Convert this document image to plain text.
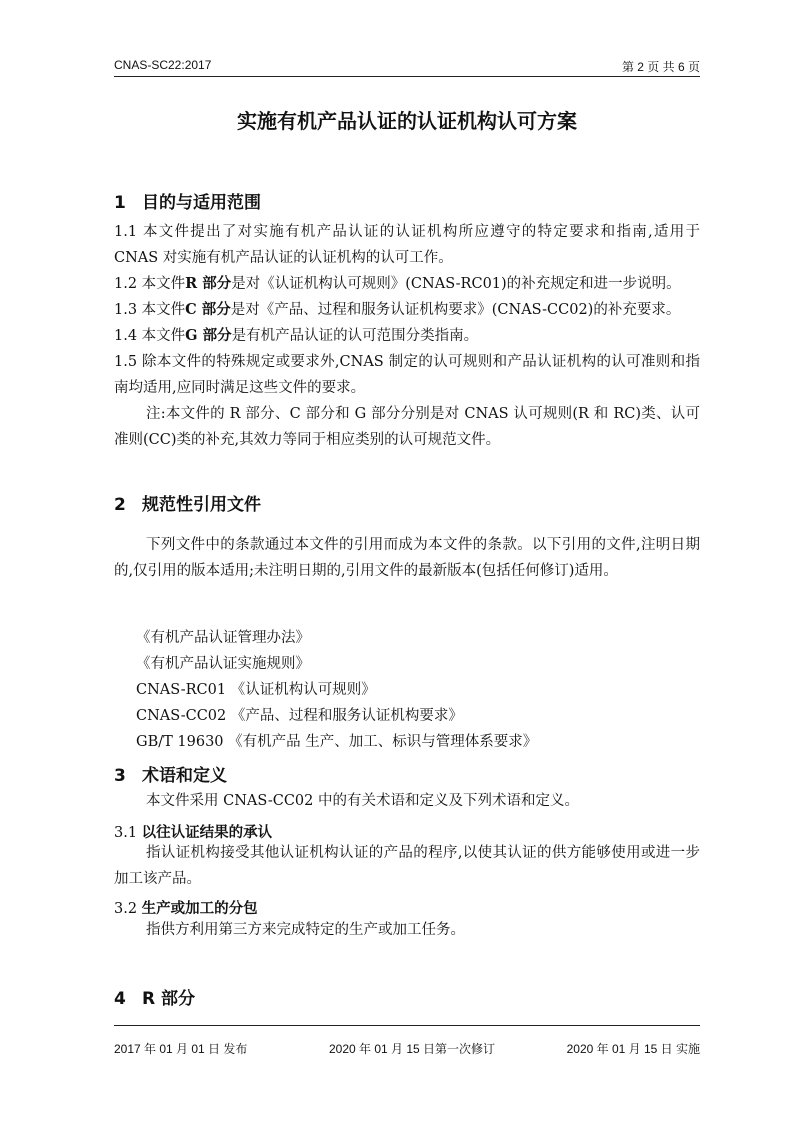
CNAS-SC22:2017	第 2 页 共 6 页
实施有机产品认证的认证机构认可方案
1 目的与适用范围
1.1 本文件提出了对实施有机产品认证的认证机构所应遵守的特定要求和指南,适用于 CNAS 对实施有机产品认证的认证机构的认可工作。
1.2 本文件R 部分是对《认证机构认可规则》(CNAS-RC01)的补充规定和进一步说明。
1.3 本文件C 部分是对《产品、过程和服务认证机构要求》(CNAS-CC02)的补充要求。
1.4 本文件G 部分是有机产品认证的认可范围分类指南。
1.5 除本文件的特殊规定或要求外,CNAS 制定的认可规则和产品认证机构的认可准则和指南均适用,应同时满足这些文件的要求。
注:本文件的 R 部分、C 部分和 G 部分分别是对 CNAS 认可规则(R 和 RC)类、认可准则(CC)类的补充,其效力等同于相应类别的认可规范文件。
2 规范性引用文件
下列文件中的条款通过本文件的引用而成为本文件的条款。以下引用的文件,注明日期的,仅引用的版本适用;未注明日期的,引用文件的最新版本(包括任何修订)适用。
《有机产品认证管理办法》
《有机产品认证实施规则》
CNAS-RC01 《认证机构认可规则》
CNAS-CC02 《产品、过程和服务认证机构要求》
GB/T 19630 《有机产品 生产、加工、标识与管理体系要求》
3 术语和定义
本文件采用 CNAS-CC02 中的有关术语和定义及下列术语和定义。
3.1 以往认证结果的承认
指认证机构接受其他认证机构认证的产品的程序,以使其认证的供方能够使用或进一步加工该产品。
3.2 生产或加工的分包
指供方利用第三方来完成特定的生产或加工任务。
4 R 部分
2017 年 01 月 01 日 发布	2020 年 01 月 15 日第一次修订	2020 年 01 月 15 日 实施
